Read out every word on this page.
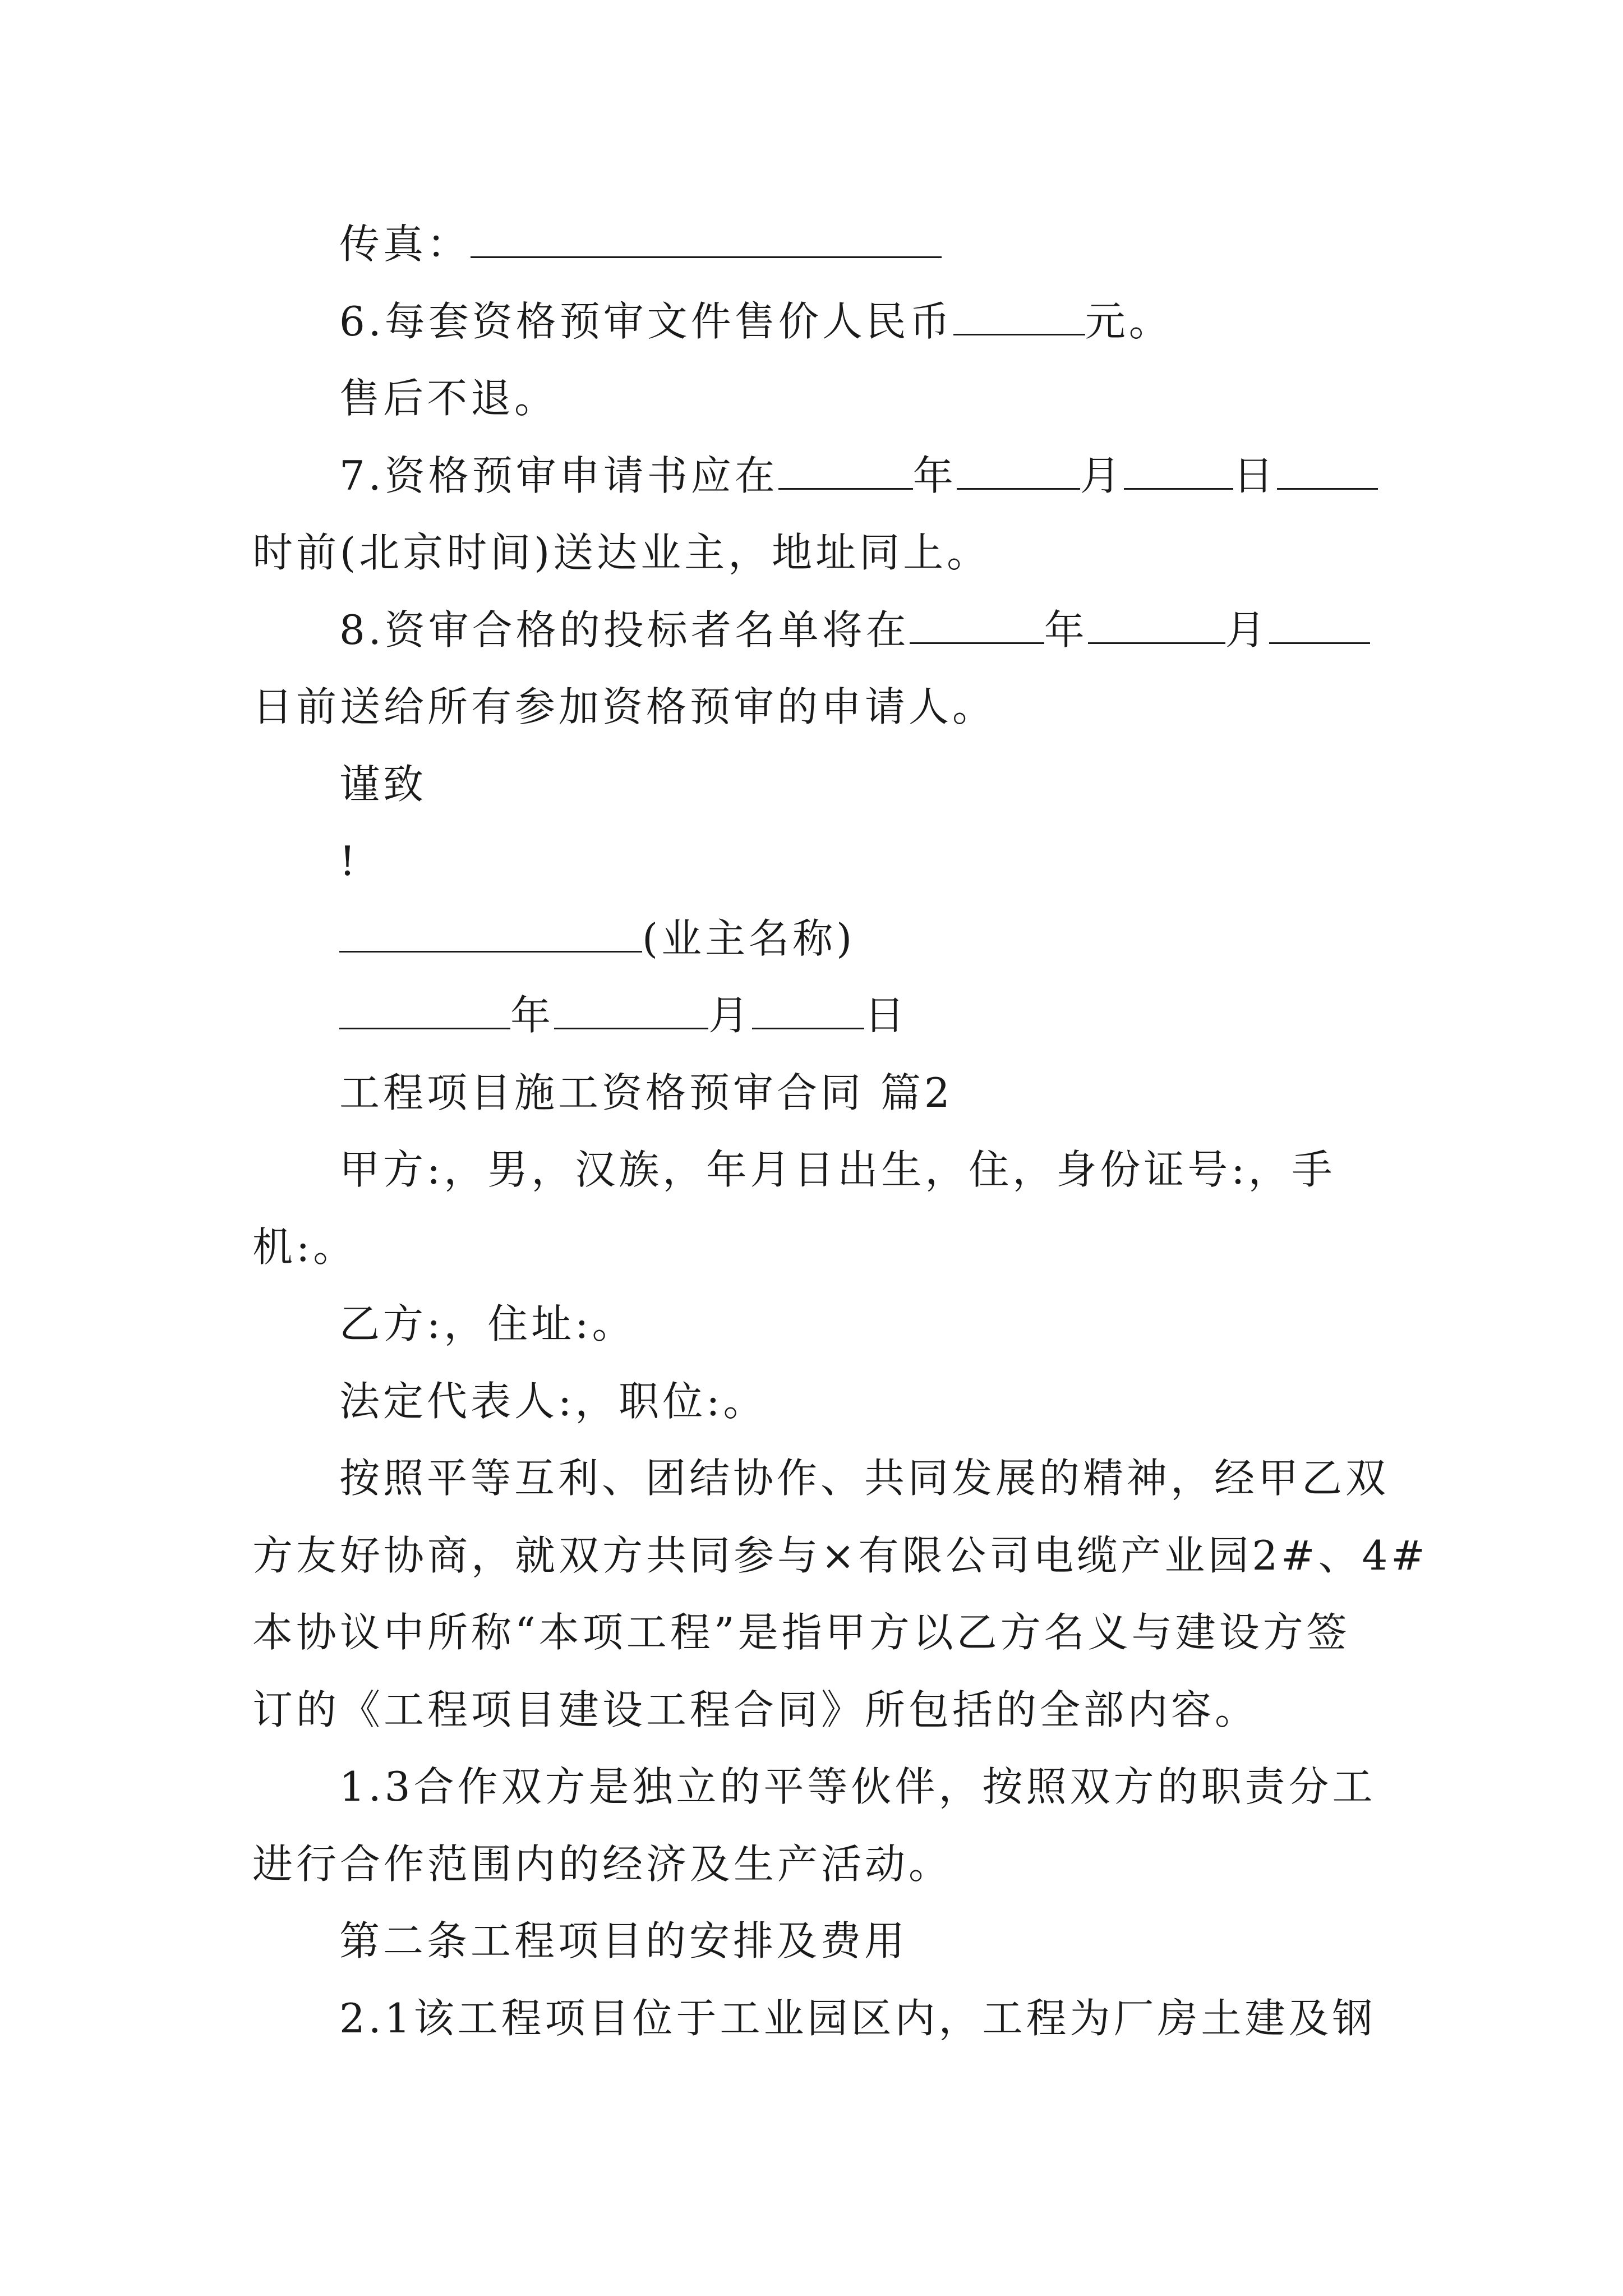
传真：
6.每套资格预审文件售价人民币	元。
售后不退。
7.资格预审申请书应在	年	月	日
时前(北京时间)送达业主，地址同上。
8.资审合格的投标者名单将在	年	月
日前送给所有参加资格预审的申请人。
谨致
!
(业主名称)
年	月	日
工程项目施工资格预审合同 篇2
甲方:，男，汉族，年月日出生，住，身份证号:，手
机:。
乙方:，住址:。
法定代表人:，职位:。
按照平等互利、团结协作、共同发展的精神，经甲乙双
方友好协商，就双方共同参与×有限公司电缆产业园2#、4#
本协议中所称“本项工程”是指甲方以乙方名义与建设方签
订的《工程项目建设工程合同》所包括的全部内容。
1.3合作双方是独立的平等伙伴，按照双方的职责分工
进行合作范围内的经济及生产活动。
第二条工程项目的安排及费用
2.1该工程项目位于工业园区内，工程为厂房土建及钢
